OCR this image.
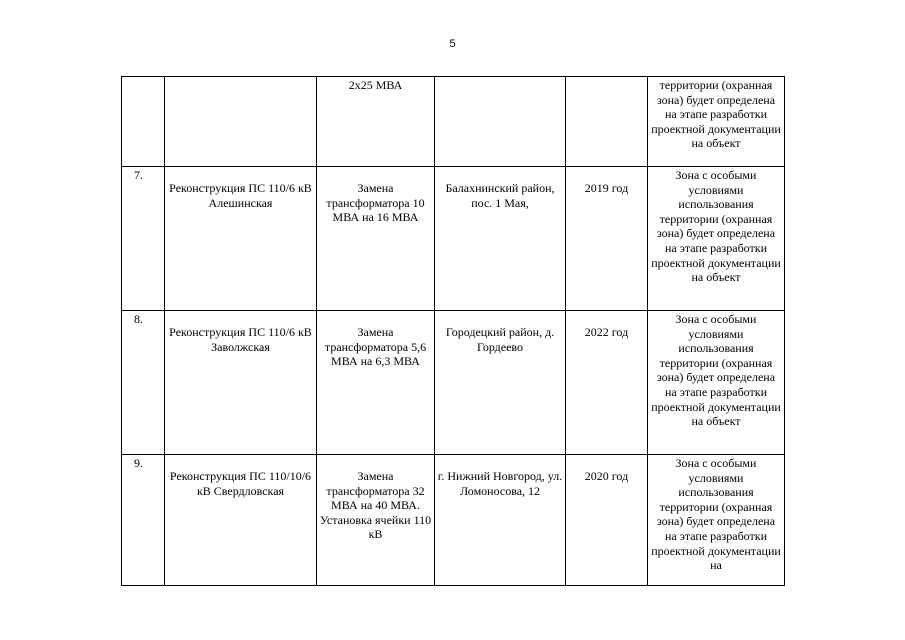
5
		2х25 МВА			территории (охранная зона) будет определена на этапе разработки проектной документации на объект
7.	Реконструкция ПС 110/6 кВ Алешинская	Замена трансформатора 10 МВА на 16 МВА	Балахнинский район, пос. 1 Мая,	2019 год	Зона с особыми условиями использования территории (охранная зона) будет определена на этапе разработки проектной документации на объект
8.	Реконструкция ПС 110/6 кВ Заволжская	Замена трансформатора 5,6 МВА на 6,3 МВА	Городецкий район, д. Гордеево	2022 год	Зона с особыми условиями использования территории (охранная зона) будет определена на этапе разработки проектной документации на объект
9.	Реконструкция ПС 110/10/6 кВ Свердловская	Замена трансформатора 32 МВА на 40 МВА. Установка ячейки 110 кВ	г. Нижний Новгород, ул. Ломоносова, 12	2020 год	Зона с особыми условиями использования территории (охранная зона) будет определена на этапе разработки проектной документации на
